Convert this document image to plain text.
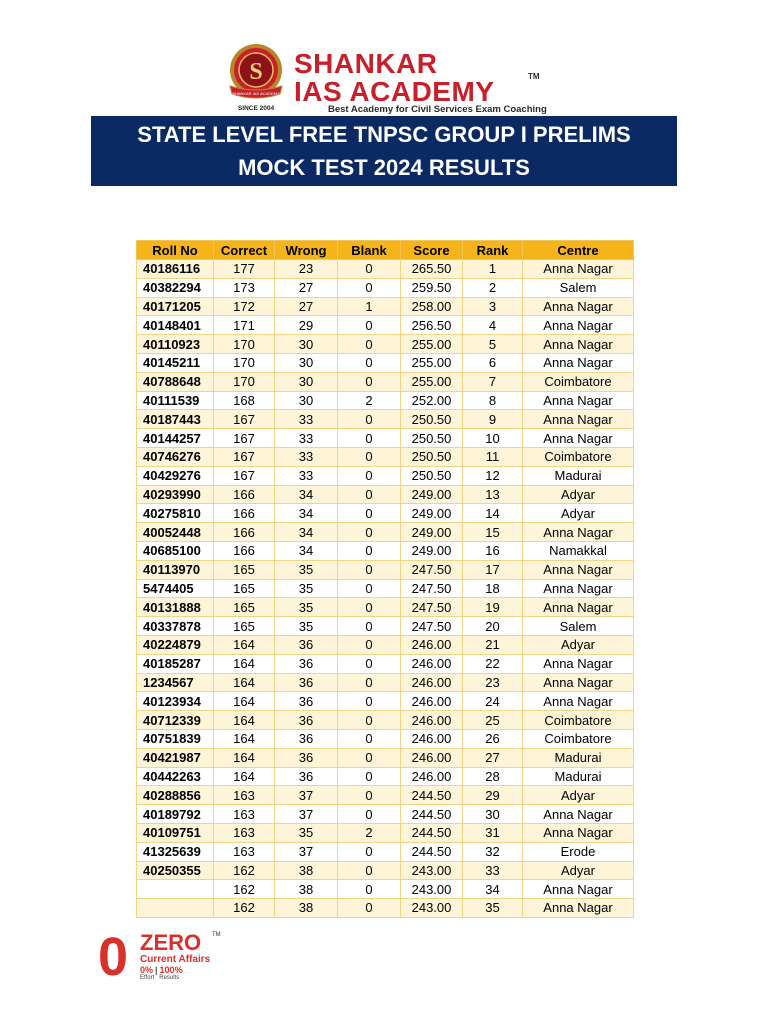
S
SHANKAR IAS ACADEMY
SINCE 2004
SHANKAR
IAS ACADEMY	TM
Best Academy for Civil Services Exam Coaching
STATE LEVEL FREE TNPSC GROUP I PRELIMS
MOCK TEST 2024 RESULTS
Roll No	Correct	Wrong	Blank	Score	Rank	Centre
40186116	177	23	0	265.50	1	Anna Nagar
40382294	173	27	0	259.50	2	Salem
40171205	172	27	1	258.00	3	Anna Nagar
40148401	171	29	0	256.50	4	Anna Nagar
40110923	170	30	0	255.00	5	Anna Nagar
40145211	170	30	0	255.00	6	Anna Nagar
40788648	170	30	0	255.00	7	Coimbatore
40111539	168	30	2	252.00	8	Anna Nagar
40187443	167	33	0	250.50	9	Anna Nagar
40144257	167	33	0	250.50	10	Anna Nagar
40746276	167	33	0	250.50	11	Coimbatore
40429276	167	33	0	250.50	12	Madurai
40293990	166	34	0	249.00	13	Adyar
40275810	166	34	0	249.00	14	Adyar
40052448	166	34	0	249.00	15	Anna Nagar
40685100	166	34	0	249.00	16	Namakkal
40113970	165	35	0	247.50	17	Anna Nagar
5474405	165	35	0	247.50	18	Anna Nagar
40131888	165	35	0	247.50	19	Anna Nagar
40337878	165	35	0	247.50	20	Salem
40224879	164	36	0	246.00	21	Adyar
40185287	164	36	0	246.00	22	Anna Nagar
1234567	164	36	0	246.00	23	Anna Nagar
40123934	164	36	0	246.00	24	Anna Nagar
40712339	164	36	0	246.00	25	Coimbatore
40751839	164	36	0	246.00	26	Coimbatore
40421987	164	36	0	246.00	27	Madurai
40442263	164	36	0	246.00	28	Madurai
40288856	163	37	0	244.50	29	Adyar
40189792	163	37	0	244.50	30	Anna Nagar
40109751	163	35	2	244.50	31	Anna Nagar
41325639	163	37	0	244.50	32	Erode
40250355	162	38	0	243.00	33	Adyar
	162	38	0	243.00	34	Anna Nagar
	162	38	0	243.00	35	Anna Nagar
0 ZERO TM
Current Affairs
0% | 100%
Effort Results
